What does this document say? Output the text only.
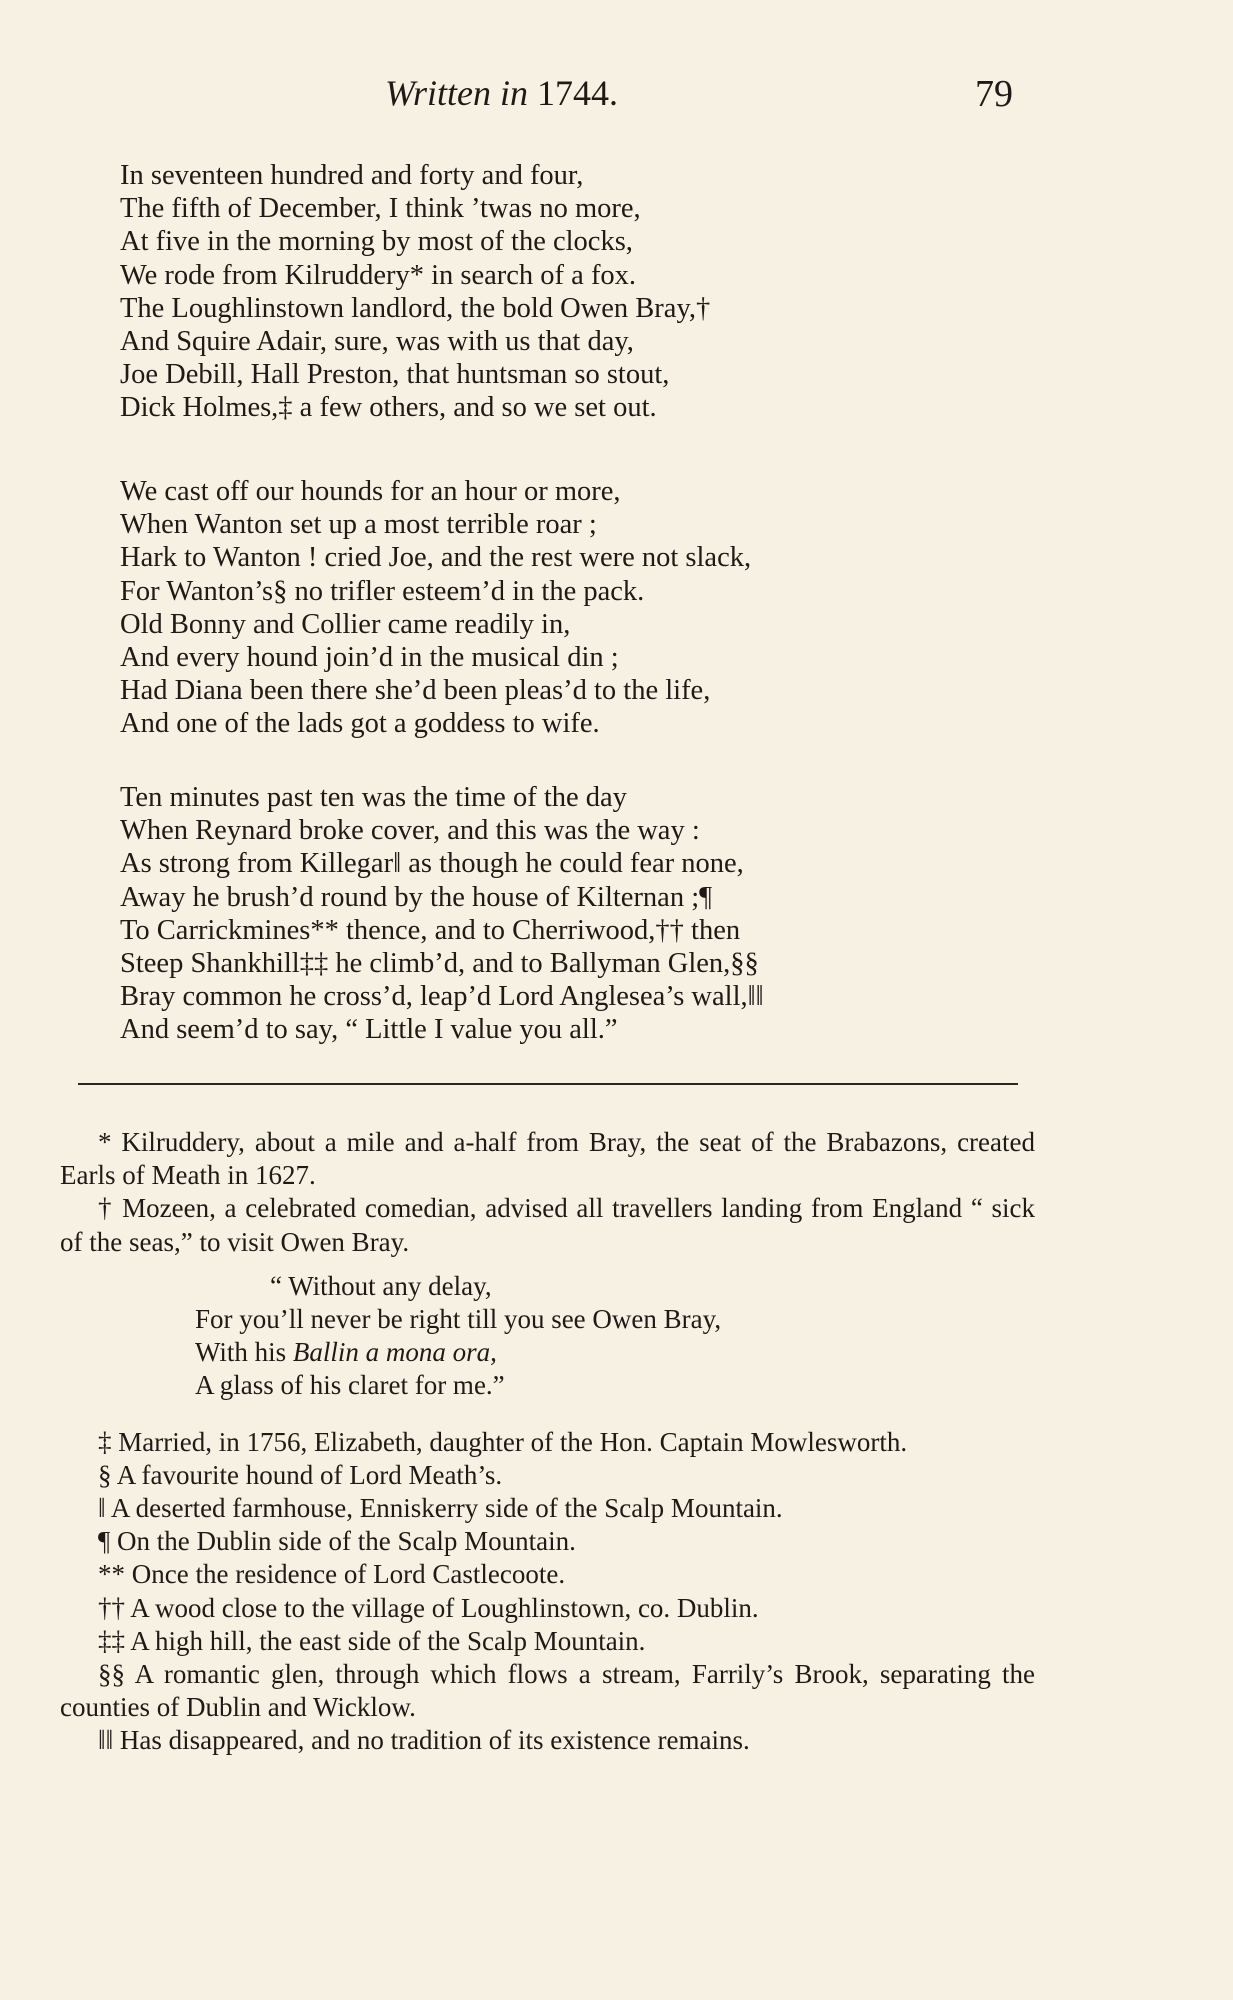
Written in 1744.	79
In seventeen hundred and forty and four,
The fifth of December, I think ’twas no more,
At five in the morning by most of the clocks,
We rode from Kilruddery* in search of a fox.
The Loughlinstown landlord, the bold Owen Bray,†
And Squire Adair, sure, was with us that day,
Joe Debill, Hall Preston, that huntsman so stout,
Dick Holmes,‡ a few others, and so we set out.
We cast off our hounds for an hour or more,
When Wanton set up a most terrible roar ;
Hark to Wanton ! cried Joe, and the rest were not slack,
For Wanton’s§ no trifler esteem’d in the pack.
Old Bonny and Collier came readily in,
And every hound join’d in the musical din ;
Had Diana been there she’d been pleas’d to the life,
And one of the lads got a goddess to wife.
Ten minutes past ten was the time of the day
When Reynard broke cover, and this was the way :
As strong from Killegar‖ as though he could fear none,
Away he brush’d round by the house of Kilternan ;¶
To Carrickmines** thence, and to Cherriwood,†† then
Steep Shankhill‡‡ he climb’d, and to Ballyman Glen,§§
Bray common he cross’d, leap’d Lord Anglesea’s wall,‖‖
And seem’d to say, “ Little I value you all.”
* Kilruddery, about a mile and a-half from Bray, the seat of the Brabazons, created Earls of Meath in 1627.
† Mozeen, a celebrated comedian, advised all travellers landing from England “ sick of the seas,” to visit Owen Bray.
“ Without any delay,
For you’ll never be right till you see Owen Bray,
With his Ballin a mona ora,
A glass of his claret for me.”
‡ Married, in 1756, Elizabeth, daughter of the Hon. Captain Mowlesworth.
§ A favourite hound of Lord Meath’s.
‖ A deserted farmhouse, Enniskerry side of the Scalp Mountain.
¶ On the Dublin side of the Scalp Mountain.
** Once the residence of Lord Castlecoote.
†† A wood close to the village of Loughlinstown, co. Dublin.
‡‡ A high hill, the east side of the Scalp Mountain.
§§ A romantic glen, through which flows a stream, Farrily’s Brook, separating the counties of Dublin and Wicklow.
‖‖ Has disappeared, and no tradition of its existence remains.
